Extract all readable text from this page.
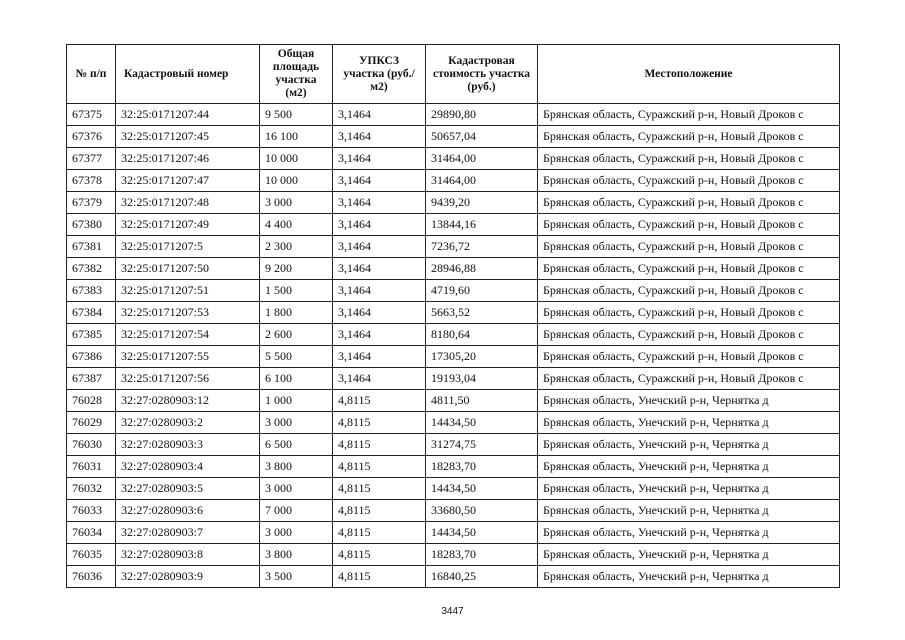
№ п/п	Кадастровый номер	Общая площадь участка (м2)	УПКСЗ участка (руб./м2)	Кадастровая стоимость участка (руб.)	Местоположение
67375	32:25:0171207:44	9 500	3,1464	29890,80	Брянская область, Суражский р-н, Новый Дроков с
67376	32:25:0171207:45	16 100	3,1464	50657,04	Брянская область, Суражский р-н, Новый Дроков с
67377	32:25:0171207:46	10 000	3,1464	31464,00	Брянская область, Суражский р-н, Новый Дроков с
67378	32:25:0171207:47	10 000	3,1464	31464,00	Брянская область, Суражский р-н, Новый Дроков с
67379	32:25:0171207:48	3 000	3,1464	9439,20	Брянская область, Суражский р-н, Новый Дроков с
67380	32:25:0171207:49	4 400	3,1464	13844,16	Брянская область, Суражский р-н, Новый Дроков с
67381	32:25:0171207:5	2 300	3,1464	7236,72	Брянская область, Суражский р-н, Новый Дроков с
67382	32:25:0171207:50	9 200	3,1464	28946,88	Брянская область, Суражский р-н, Новый Дроков с
67383	32:25:0171207:51	1 500	3,1464	4719,60	Брянская область, Суражский р-н, Новый Дроков с
67384	32:25:0171207:53	1 800	3,1464	5663,52	Брянская область, Суражский р-н, Новый Дроков с
67385	32:25:0171207:54	2 600	3,1464	8180,64	Брянская область, Суражский р-н, Новый Дроков с
67386	32:25:0171207:55	5 500	3,1464	17305,20	Брянская область, Суражский р-н, Новый Дроков с
67387	32:25:0171207:56	6 100	3,1464	19193,04	Брянская область, Суражский р-н, Новый Дроков с
76028	32:27:0280903:12	1 000	4,8115	4811,50	Брянская область, Унечский р-н, Чернятка д
76029	32:27:0280903:2	3 000	4,8115	14434,50	Брянская область, Унечский р-н, Чернятка д
76030	32:27:0280903:3	6 500	4,8115	31274,75	Брянская область, Унечский р-н, Чернятка д
76031	32:27:0280903:4	3 800	4,8115	18283,70	Брянская область, Унечский р-н, Чернятка д
76032	32:27:0280903:5	3 000	4,8115	14434,50	Брянская область, Унечский р-н, Чернятка д
76033	32:27:0280903:6	7 000	4,8115	33680,50	Брянская область, Унечский р-н, Чернятка д
76034	32:27:0280903:7	3 000	4,8115	14434,50	Брянская область, Унечский р-н, Чернятка д
76035	32:27:0280903:8	3 800	4,8115	18283,70	Брянская область, Унечский р-н, Чернятка д
76036	32:27:0280903:9	3 500	4,8115	16840,25	Брянская область, Унечский р-н, Чернятка д
3447
